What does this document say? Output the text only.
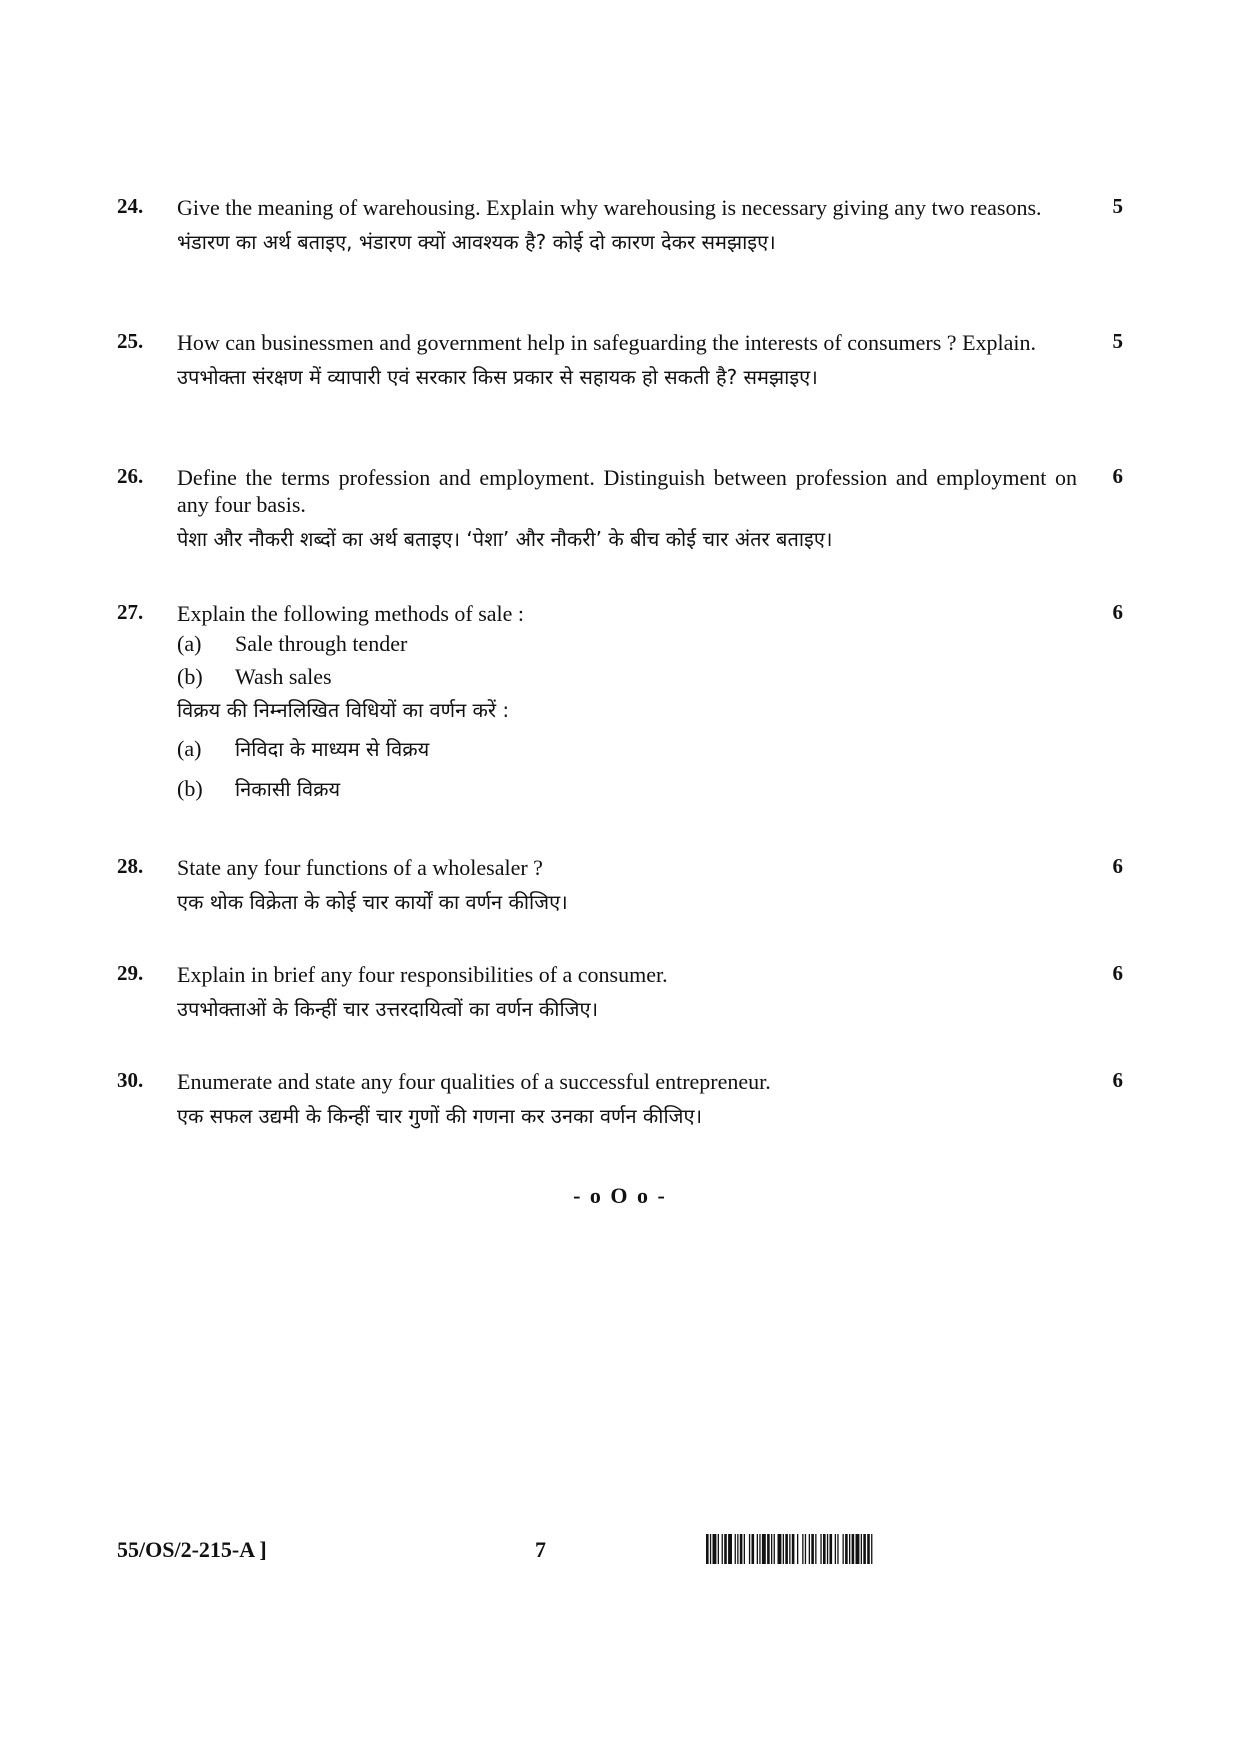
24. Give the meaning of warehousing. Explain why warehousing is necessary giving any two reasons.
भंडारण का अर्थ बताइए, भंडारण क्यों आवश्यक है? कोई दो कारण देकर समझाइए।
5
25. How can businessmen and government help in safeguarding the interests of consumers ? Explain.
उपभोक्ता संरक्षण में व्यापारी एवं सरकार किस प्रकार से सहायक हो सकती है? समझाइए।
5
26. Define the terms profession and employment. Distinguish between profession and employment on any four basis.
पेशा और नौकरी शब्दों का अर्थ बताइए। ‘पेशा’ और नौकरी’ के बीच कोई चार अंतर बताइए।
6
27. Explain the following methods of sale :
(a)	Sale through tender
(b)	Wash sales
विक्रय की निम्नलिखित विधियों का वर्णन करें :
(a)	निविदा के माध्यम से विक्रय
(b)	निकासी विक्रय
6
28. State any four functions of a wholesaler ?
एक थोक विक्रेता के कोई चार कार्यों का वर्णन कीजिए।
6
29. Explain in brief any four responsibilities of a consumer.
उपभोक्ताओं के किन्हीं चार उत्तरदायित्वों का वर्णन कीजिए।
6
30. Enumerate and state any four qualities of a successful entrepreneur.
एक सफल उद्यमी के किन्हीं चार गुणों की गणना कर उनका वर्णन कीजिए।
6
- o O o -
55/OS/2-215-A ]	7
